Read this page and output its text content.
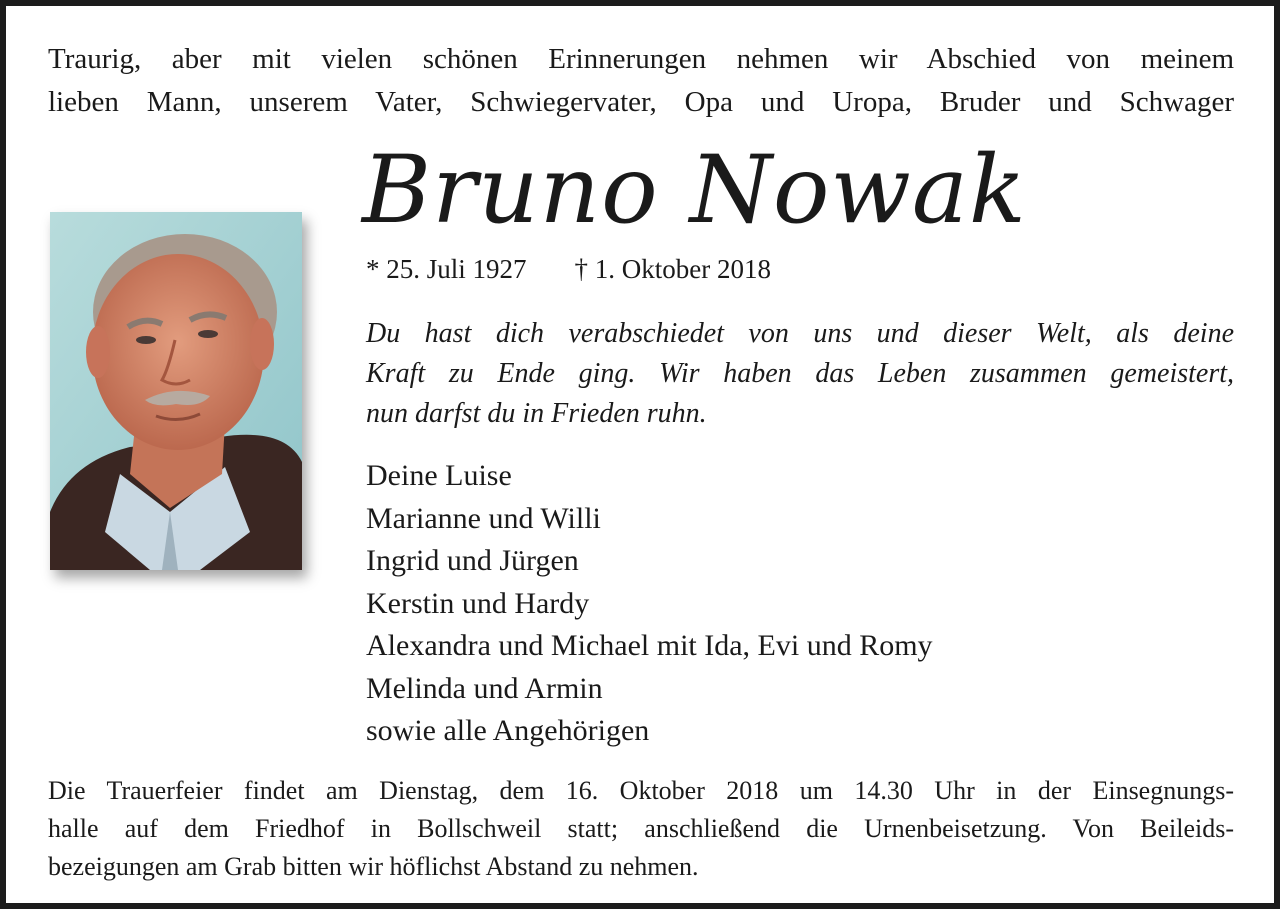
Traurig, aber mit vielen schönen Erinnerungen nehmen wir Abschied von meinem
lieben Mann, unserem Vater, Schwiegervater, Opa und Uropa, Bruder und Schwager
Bruno Nowak
* 25. Juli 1927 † 1. Oktober 2018
Du hast dich verabschiedet von uns und dieser Welt, als deine
Kraft zu Ende ging. Wir haben das Leben zusammen gemeistert,
nun darfst du in Frieden ruhn.
Deine Luise
Marianne und Willi
Ingrid und Jürgen
Kerstin und Hardy
Alexandra und Michael mit Ida, Evi und Romy
Melinda und Armin
sowie alle Angehörigen
Die Trauerfeier findet am Dienstag, dem 16. Oktober 2018 um 14.30 Uhr in der Einsegnungs-
halle auf dem Friedhof in Bollschweil statt; anschließend die Urnenbeisetzung. Von Beileids-
bezeigungen am Grab bitten wir höflichst Abstand zu nehmen.
